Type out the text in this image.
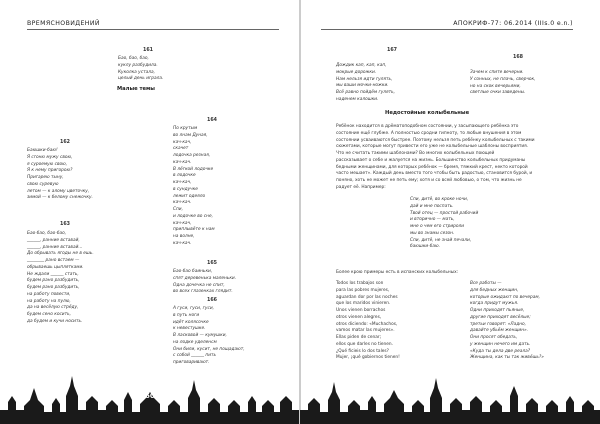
ВРЕМЯСНОВИДЕНИЙ
161
Бао, бао, бао,
куклу разбудила.
Куколка устала,
целый день играла.
Малые темы
162
Баюшки-баю!
Я сгоню мужу свою,
я суроемую свою,
Я к нему пригорою?
Пригарею тыну,
свою суревую
летом — к алому цветочку,
зимой — к белому снежочку.
163
Бао-бао, бао-бао,
______, ранние вставай,
______, ранние вставай...
До обрывать ягоды не в ешь.
________ рано встаем —
обрываешь цыплятками.
Не ждали ______ стать,
будем рано разбудить,
будем рано разбудить,
на работу повести,
на работу на пулю,
да на весёлую стрёду,
будем сено косить,
да будем и кучи носить.
164
По крутым
во лнам Дуная,
кач-кач,
скачет
лодочка резная,
кач-кач.
В лёгкой лодочке
в лодочке
кач-кач,
в сундучке
лежит одеяло
кач-кач.
Спи,
и лодочке во сне,
кач-кач,
приплывёте к нам
на волне,
кач-кач.
165
Бао-бао баиньки,
спят деревенька маленьки.
Одна дочечка не спит,
во всех глазенках глядит.
166
А гуси, гуси, гуси,
в путь ноги
идёт колясочке
к невестушке.
В ласковой — кумушки,
на лодке уделенсм
Они били, кусит, не пощадают,
с собой ______ пить
приговаривают.
60
АПОКРИФ-77: 06.2014 (IIIs.0 e.n.)
167
Дождик кап, кап, кап,
мокрые дорожки.
Нам нельзя идти гулять,
мы ваши мочки-ножки.
Всё равно пойдём гулять,
наденем калошки.
168
Зачем к спите вечерни.
У сонных, не плачь, сверчок,
но на скок вечерьями,
светлые очки заведены.
Недостойные колыбельные
Ребёнок находится в дрёматоподобном состоянии, у засыпающего ребёнка это
состояние ещё глубже. А полностью сродни гипноту, то любые внушения в этом
состоянии усваиваются быстрее. Поэтому нельзя петь ребёнку колыбельных с такими
сюжетами, которые могут привести его уже не колыбельные шаблоны восприятия.
Что не считать такими шаблонами? Во многих колыбельных поющей
рассказывает о себе и жалуется на жизнь. Большинство колыбельных придуманы
бедными женщинами, для которых ребёнок — бремя, тяжкий крест, некто которой
часто мешает». Каждый день вместо того чтобы быть радостью, становится бурой, и
поняно, хоть не может не петь ему; хотя и со всей любовью, о том, что жизнь не
радует её. Например:
Спи, дитё, во кроке ночи,
дай и мне поспать.
Твой отец — простой рабочий
и вторично — мать,
мне о чем его стрироли
мы во знамы сезон.
Спи, дитё, не знай печали,
баюшки-баю.
Более крою примеры есть в испанских колыбельных:
Todos los trabajos son
para las pobres mujeres,
aguardan dor por las noches
que los maridos vinieren.
Unos vienen borrachos
otros vienen alegres,
otros diciendo: «Muchachos,
vamos matar las mujeres».
Ellas piden de cenar;
ellos que darles no tienen.
¿Qué ficieis lo dos tales?
Mujer, ¡qué gobiernos tienen!
Все работы —
для бедных женщин,
которые ожидают по вечерам,
когда придут мужья.
Одни приходят пьяные,
другие приходят весёлые;
третьи говорят: «Ладно,
давайте убьём женщин».
Они просят обедать,
у женщин нечего им дать.
«Куда ты дела две реала?
Женщина, как ты так живёшь?»
61
